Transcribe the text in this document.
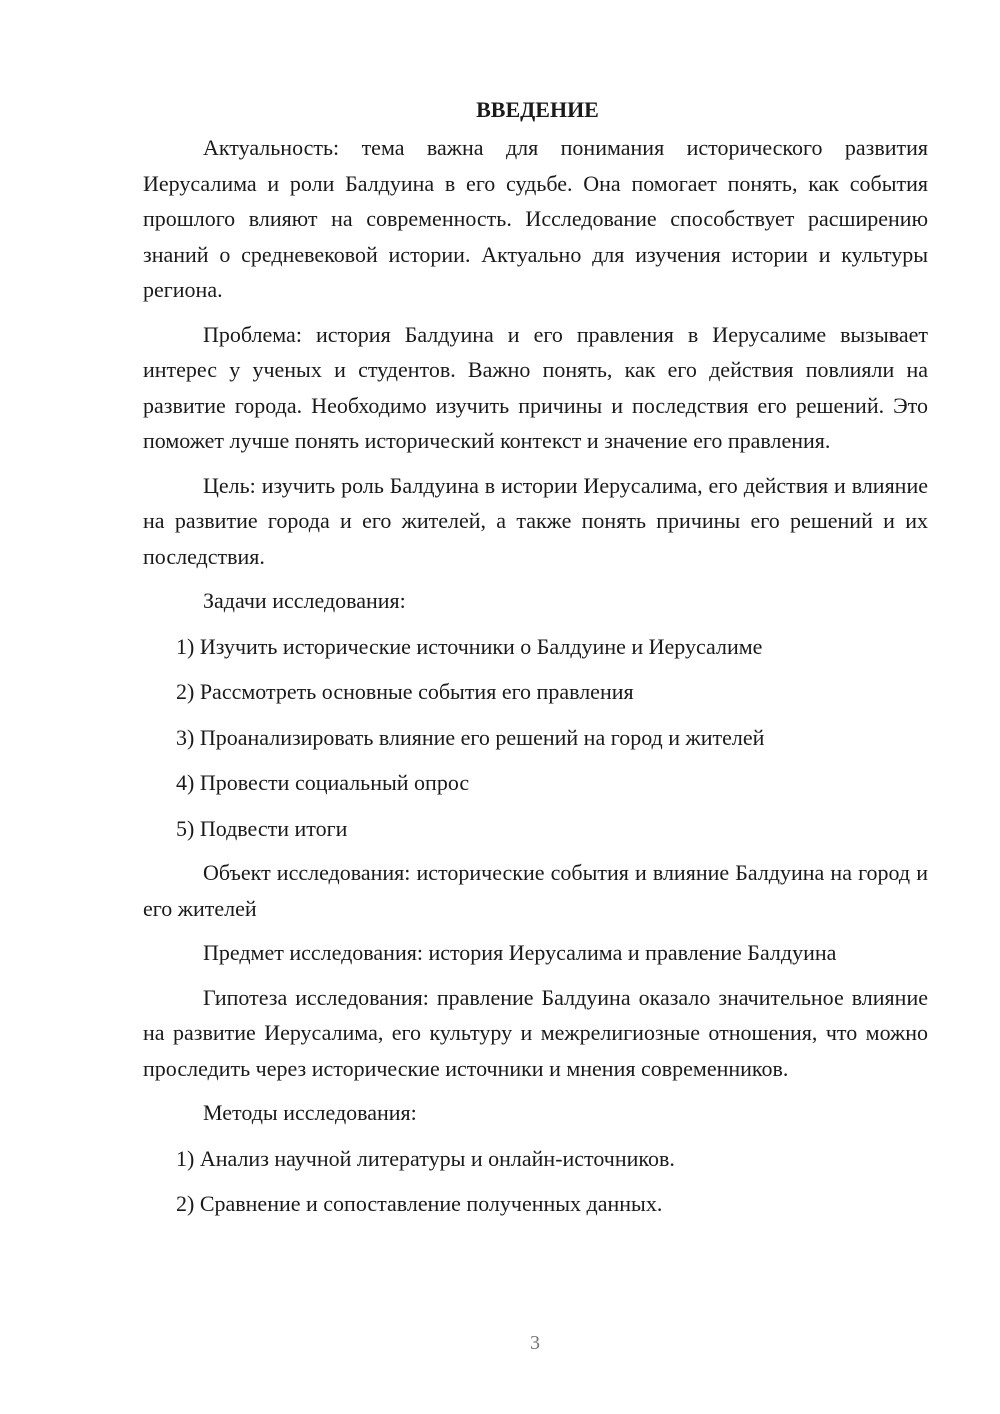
ВВЕДЕНИЕ

Актуальность: тема важна для понимания исторического развития Иерусалима и роли Балдуина в его судьбе. Она помогает понять, как события прошлого влияют на современность. Исследование способствует расширению знаний о средневековой истории. Актуально для изучения истории и культуры региона.

Проблема: история Балдуина и его правления в Иерусалиме вызывает интерес у ученых и студентов. Важно понять, как его действия повлияли на развитие города. Необходимо изучить причины и последствия его решений. Это поможет лучше понять исторический контекст и значение его правления.

Цель: изучить роль Балдуина в истории Иерусалима, его действия и влияние на развитие города и его жителей, а также понять причины его решений и их последствия.

Задачи исследования:

1) Изучить исторические источники о Балдуине и Иерусалиме

2) Рассмотреть основные события его правления

3) Проанализировать влияние его решений на город и жителей

4) Провести социальный опрос

5) Подвести итоги

Объект исследования: исторические события и влияние Балдуина на город и его жителей

Предмет исследования: история Иерусалима и правление Балдуина

Гипотеза исследования: правление Балдуина оказало значительное влияние на развитие Иерусалима, его культуру и межрелигиозные отношения, что можно проследить через исторические источники и мнения современников.

Методы исследования:

1) Анализ научной литературы и онлайн-источников.

2) Сравнение и сопоставление полученных данных.

3
